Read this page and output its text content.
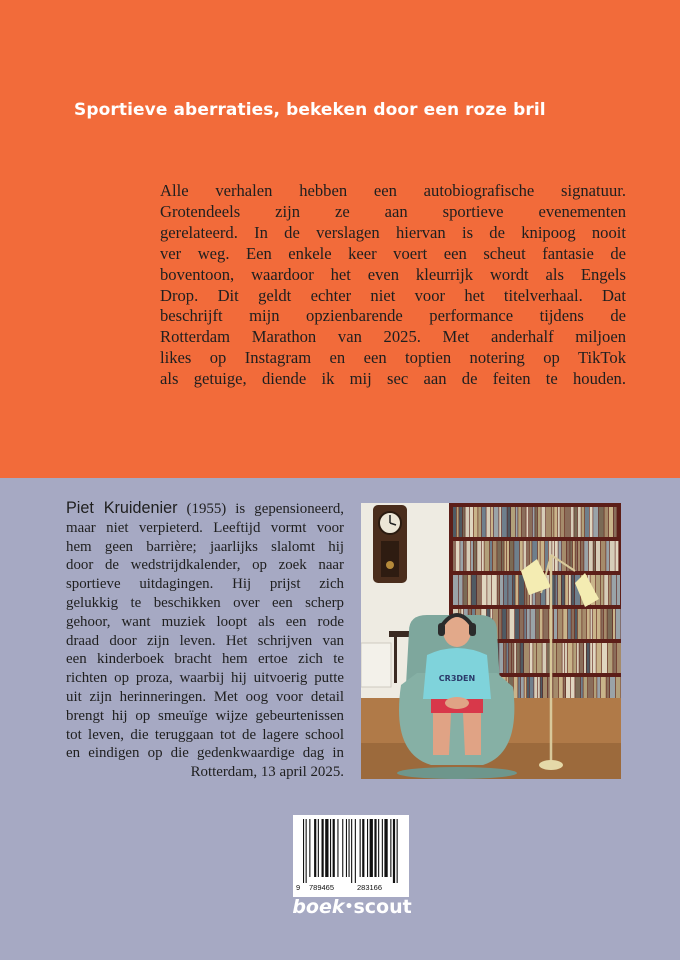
Sportieve aberraties, bekeken door een roze bril
Alle verhalen hebben een autobiografische signatuur.
Grotendeels zijn ze aan sportieve evenementen
gerelateerd. In de verslagen hiervan is de knipoog nooit
ver weg. Een enkele keer voert een scheut fantasie de
boventoon, waardoor het even kleurrijk wordt als Engels
Drop. Dit geldt echter niet voor het titelverhaal. Dat
beschrijft mijn opzienbarende performance tijdens de
Rotterdam Marathon van 2025. Met anderhalf miljoen
likes op Instagram en een toptien notering op TikTok
als getuige, diende ik mij sec aan de feiten te houden.
Piet Kruidenier (1955) is gepensioneerd,
maar niet verpieterd. Leeftijd vormt voor
hem geen barrière; jaarlijks slalomt hij
door de wedstrijdkalender, op zoek naar
sportieve uitdagingen. Hij prijst zich
gelukkig te beschikken over een scherp
gehoor, want muziek loopt als een rode
draad door zijn leven. Het schrijven van
een kinderboek bracht hem ertoe zich te
richten op proza, waarbij hij uitvoerig putte
uit zijn herinneringen. Met oog voor detail
brengt hij op smeuïge wijze gebeurtenissen
tot leven, die teruggaan tot de lagere school
en eindigen op die gedenkwaardige dag in
Rotterdam, 13 april 2025.
CR3DEN
9 789465	283166
boek•scout
